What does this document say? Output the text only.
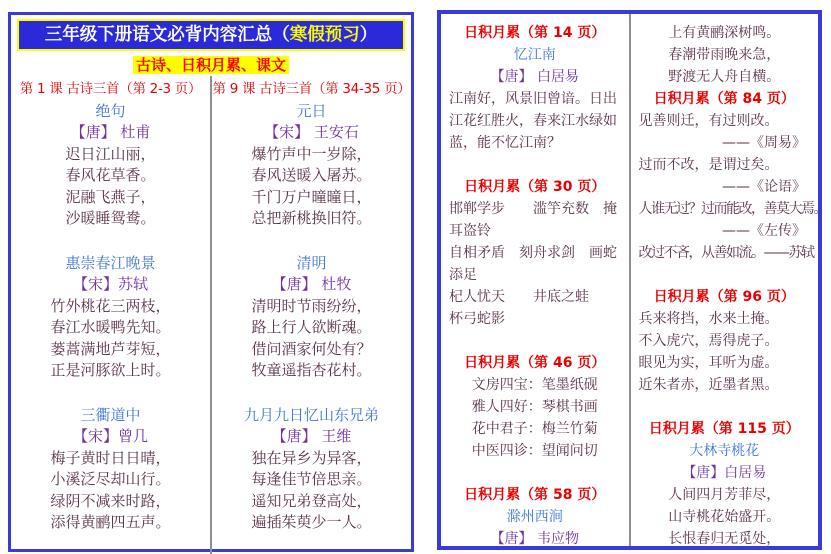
三年级下册语文必背内容汇总（寒假预习）
古诗、日积月累、课文
第 1 课 古诗三首（第 2-3 页）
绝句
【唐】 杜甫
迟日江山丽，
春风花草香。
泥融飞燕子，
沙暖睡鸳鸯。
惠崇春江晚景
【宋】苏轼
竹外桃花三两枝，
春江水暖鸭先知。
蒌蒿满地芦芽短，
正是河豚欲上时。
三衢道中
【宋】曾几
梅子黄时日日晴，
小溪泛尽却山行。
绿阴不减来时路，
添得黄鹂四五声。
第 9 课 古诗三首（第 34-35 页）
元日
【宋】 王安石
爆竹声中一岁除，
春风送暖入屠苏。
千门万户曈曈日，
总把新桃换旧符。
清明
【唐】 杜牧
清明时节雨纷纷，
路上行人欲断魂。
借问酒家何处有？
牧童遥指杏花村。
九月九日忆山东兄弟
【唐】 王维
独在异乡为异客，
每逢佳节倍思亲。
遥知兄弟登高处，
遍插茱萸少一人。
日积月累（第 14 页）
忆江南
【唐】 白居易
江南好，风景旧曾谙。日出江花红胜火，春来江水绿如蓝，能不忆江南？
日积月累（第 30 页）
邯郸学步　　滥竽充数　掩耳盗铃
自相矛盾　刻舟求剑　画蛇添足
杞人忧天　　井底之蛙　　杯弓蛇影
日积月累（第 46 页）
文房四宝：笔墨纸砚
雅人四好：琴棋书画
花中君子：梅兰竹菊
中医四诊：望闻问切
日积月累（第 58 页）
滁州西涧
【唐】 韦应物
上有黄鹂深树鸣。
春潮带雨晚来急，
野渡无人舟自横。
日积月累（第 84 页）
见善则迁，有过则改。
——《周易》
过而不改，是谓过矣。
——《论语》
人谁无过？过而能改，善莫大焉。
——《左传》
改过不吝，从善如流。——苏轼
日积月累（第 96 页）
兵来将挡，水来土掩。
不入虎穴，焉得虎子。
眼见为实，耳听为虚。
近朱者赤，近墨者黑。
日积月累（第 115 页）
大林寺桃花
【唐】白居易
人间四月芳菲尽，
山寺桃花始盛开。
长恨春归无觅处，
